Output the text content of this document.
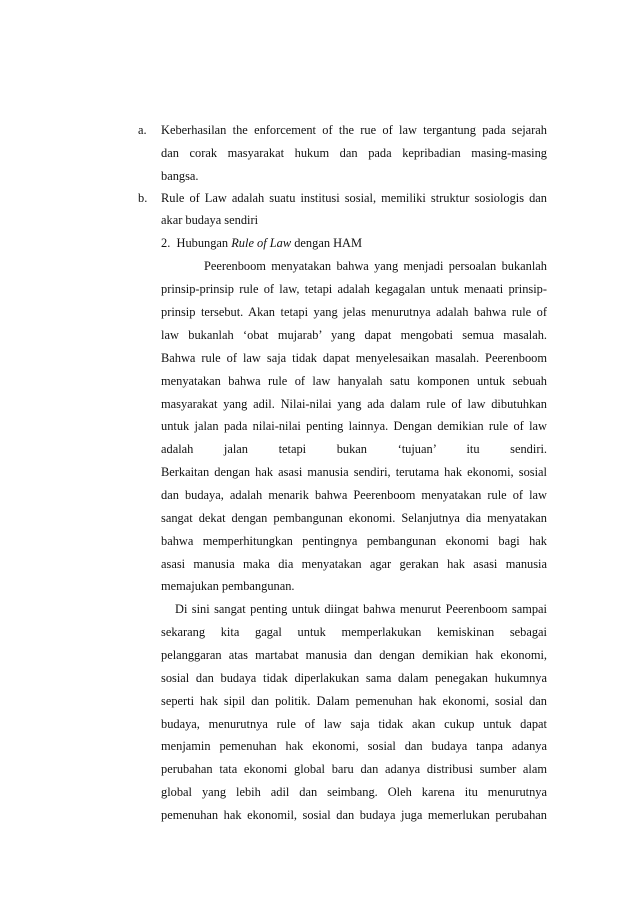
a. Keberhasilan the enforcement of the rue of law tergantung pada sejarah
dan corak masyarakat hukum dan pada kepribadian masing-masing
bangsa.
b. Rule of Law adalah suatu institusi sosial, memiliki struktur sosiologis dan
akar budaya sendiri
2. Hubungan Rule of Law dengan HAM
Peerenboom menyatakan bahwa yang menjadi persoalan bukanlah
prinsip-prinsip rule of law, tetapi adalah kegagalan untuk menaati prinsip-
prinsip tersebut. Akan tetapi yang jelas menurutnya adalah bahwa rule of
law bukanlah ‘obat mujarab’ yang dapat mengobati semua masalah.
Bahwa rule of law saja tidak dapat menyelesaikan masalah. Peerenboom
menyatakan bahwa rule of law hanyalah satu komponen untuk sebuah
masyarakat yang adil. Nilai-nilai yang ada dalam rule of law dibutuhkan
untuk jalan pada nilai-nilai penting lainnya. Dengan demikian rule of law
adalah jalan tetapi bukan ‘tujuan’ itu sendiri.
Berkaitan dengan hak asasi manusia sendiri, terutama hak ekonomi, sosial
dan budaya, adalah menarik bahwa Peerenboom menyatakan rule of law
sangat dekat dengan pembangunan ekonomi. Selanjutnya dia menyatakan
bahwa memperhitungkan pentingnya pembangunan ekonomi bagi hak
asasi manusia maka dia menyatakan agar gerakan hak asasi manusia
memajukan pembangunan.
Di sini sangat penting untuk diingat bahwa menurut Peerenboom sampai
sekarang kita gagal untuk memperlakukan kemiskinan sebagai
pelanggaran atas martabat manusia dan dengan demikian hak ekonomi,
sosial dan budaya tidak diperlakukan sama dalam penegakan hukumnya
seperti hak sipil dan politik. Dalam pemenuhan hak ekonomi, sosial dan
budaya, menurutnya rule of law saja tidak akan cukup untuk dapat
menjamin pemenuhan hak ekonomi, sosial dan budaya tanpa adanya
perubahan tata ekonomi global baru dan adanya distribusi sumber alam
global yang lebih adil dan seimbang. Oleh karena itu menurutnya
pemenuhan hak ekonomil, sosial dan budaya juga memerlukan perubahan
